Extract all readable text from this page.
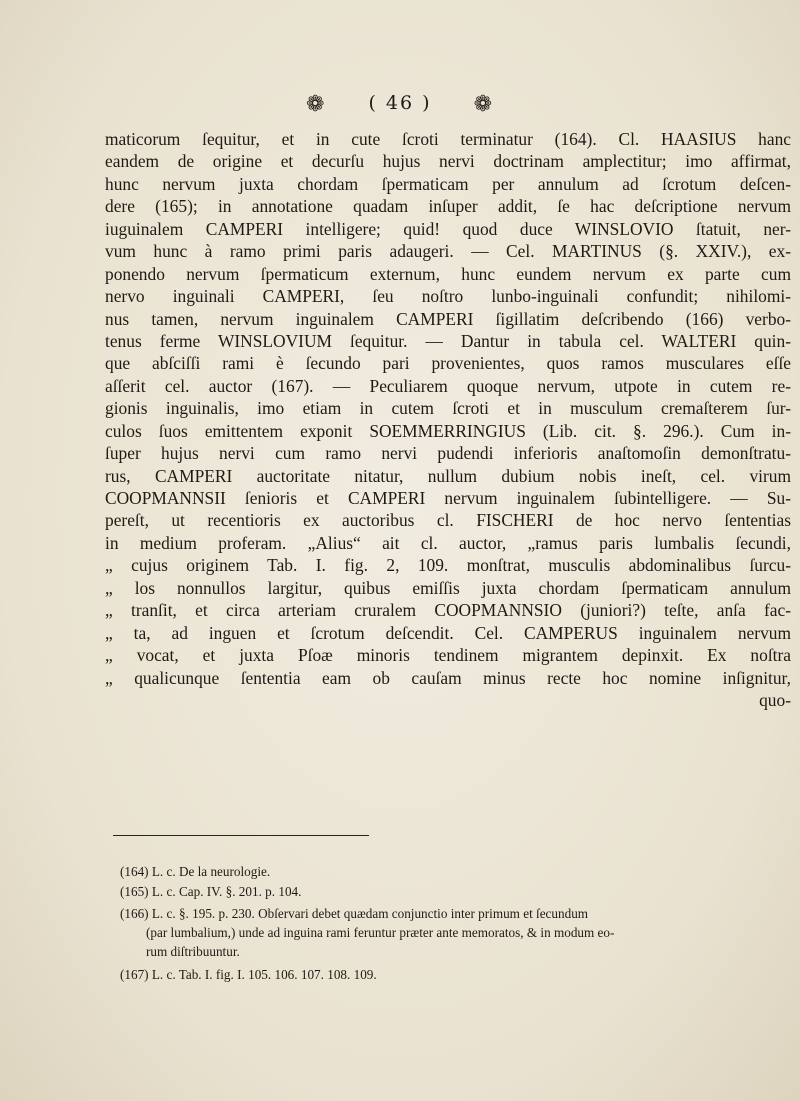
❁ ( 46 ) ❁
maticorum ſequitur, et in cute ſcroti terminatur (164). Cl. HAASIUS hanc
eandem de origine et decurſu hujus nervi doctrinam amplectitur; imo affirmat,
hunc nervum juxta chordam ſpermaticam per annulum ad ſcrotum deſcen-
dere (165); in annotatione quadam inſuper addit, ſe hac deſcriptione nervum
iuguinalem CAMPERI intelligere; quid! quod duce WINSLOVIO ſtatuit, ner-
vum hunc à ramo primi paris adaugeri. — Cel. MARTINUS (§. XXIV.), ex-
ponendo nervum ſpermaticum externum, hunc eundem nervum ex parte cum
nervo inguinali CAMPERI, ſeu noſtro lunbo-inguinali confundit; nihilomi-
nus tamen, nervum inguinalem CAMPERI ſigillatim deſcribendo (166) verbo-
tenus ferme WINSLOVIUM ſequitur. — Dantur in tabula cel. WALTERI quin-
que abſciſſi rami è ſecundo pari provenientes, quos ramos musculares eſſe
aſſerit cel. auctor (167). — Peculiarem quoque nervum, utpote in cutem re-
gionis inguinalis, imo etiam in cutem ſcroti et in musculum cremaſterem ſur-
culos ſuos emittentem exponit SOEMMERRINGIUS (Lib. cit. §. 296.). Cum in-
ſuper hujus nervi cum ramo nervi pudendi inferioris anaſtomoſin demonſtratu-
rus, CAMPERI auctoritate nitatur, nullum dubium nobis ineſt, cel. virum
COOPMANNSII ſenioris et CAMPERI nervum inguinalem ſubintelligere. — Su-
pereſt, ut recentioris ex auctoribus cl. FISCHERI de hoc nervo ſententias
in medium proferam. „Alius“ ait cl. auctor, „ramus paris lumbalis ſecundi,
„ cujus originem Tab. I. fig. 2, 109. monſtrat, musculis abdominalibus ſurcu-
„ los nonnullos largitur, quibus emiſſis juxta chordam ſpermaticam annulum
„ tranſit, et circa arteriam cruralem COOPMANNSIO (juniori?) teſte, anſa fac-
„ ta, ad inguen et ſcrotum deſcendit. Cel. CAMPERUS inguinalem nervum
„ vocat, et juxta Pſoæ minoris tendinem migrantem depinxit. Ex noſtra
„ qualicunque ſententia eam ob cauſam minus recte hoc nomine inſignitur,
quo-
(164) L. c. De la neurologie.
(165) L. c. Cap. IV. §. 201. p. 104.
(166) L. c. §. 195. p. 230. Obſervari debet quædam conjunctio inter primum et ſecundum
(par lumbalium,) unde ad inguina rami feruntur præter ante memoratos, & in modum eo-
rum diſtribuuntur.
(167) L. c. Tab. I. fig. I. 105. 106. 107. 108. 109.
